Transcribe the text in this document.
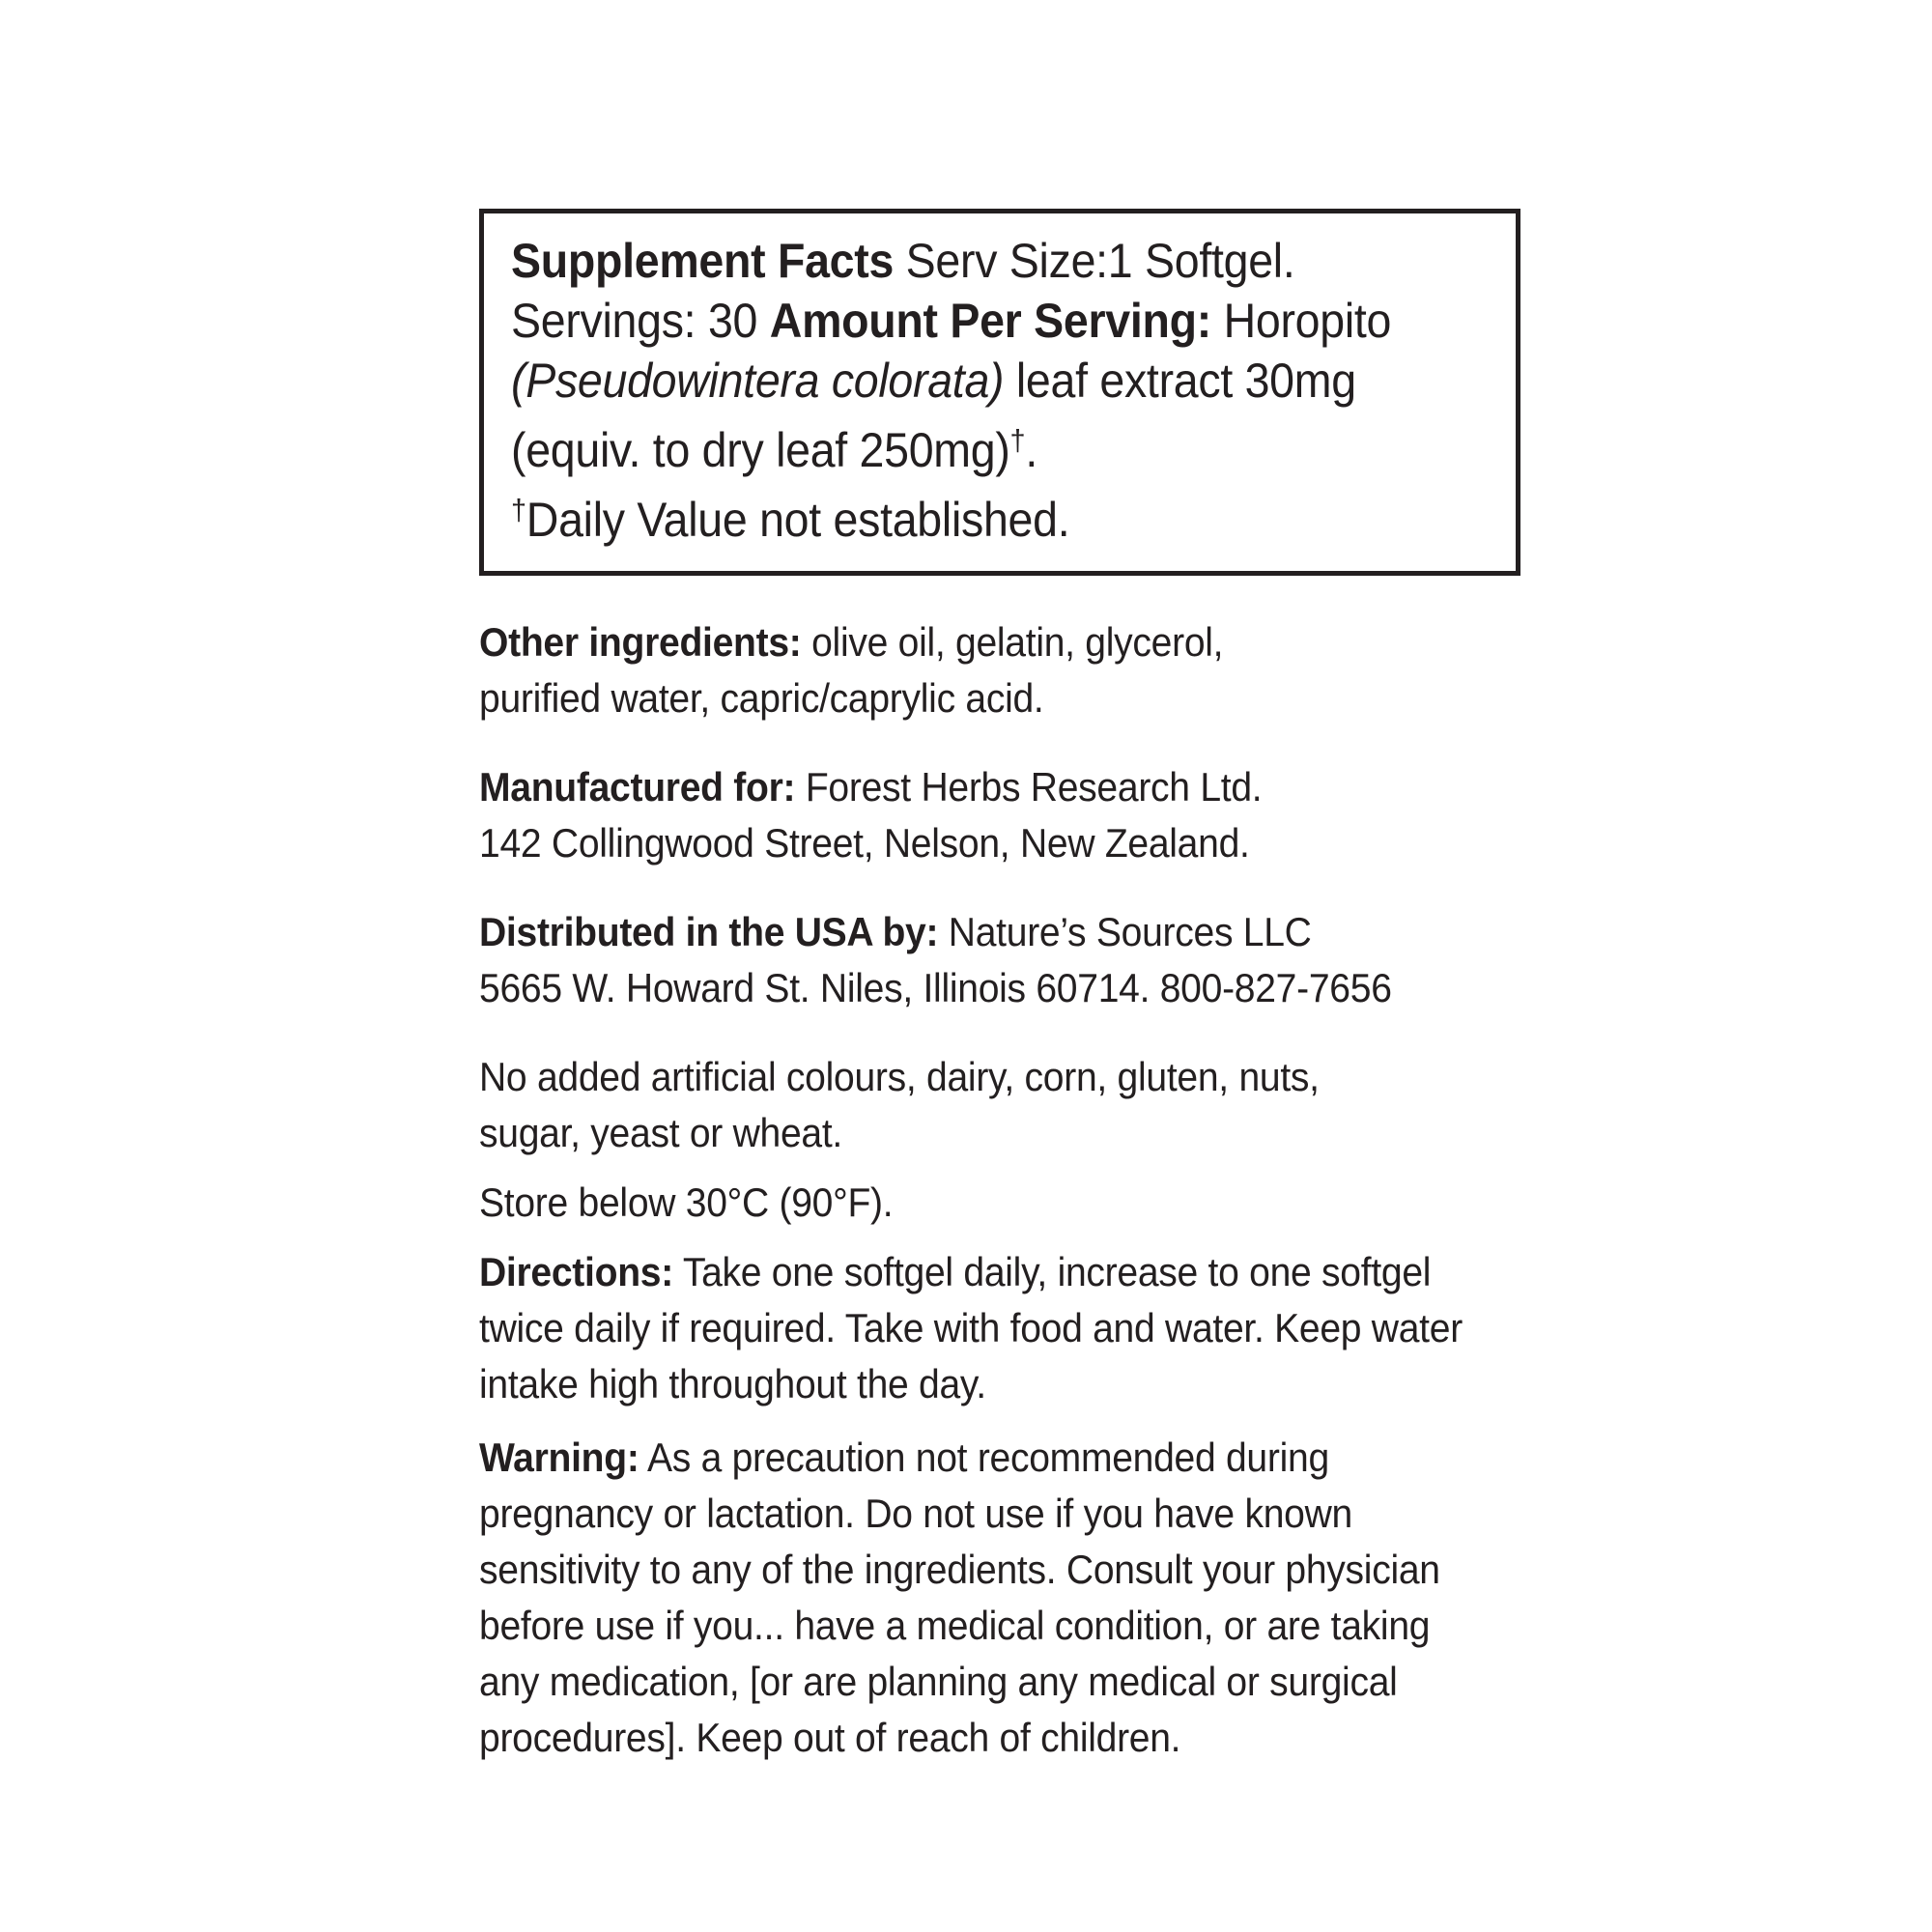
Supplement Facts Serv Size:1 Softgel.
Servings: 30 Amount Per Serving: Horopito
(Pseudowintera colorata) leaf extract 30mg
(equiv. to dry leaf 250mg)†.
†Daily Value not established.
Other ingredients: olive oil, gelatin, glycerol,
purified water, capric/caprylic acid.
Manufactured for: Forest Herbs Research Ltd.
142 Collingwood Street, Nelson, New Zealand.
Distributed in the USA by: Nature’s Sources LLC
5665 W. Howard St. Niles, Illinois 60714. 800-827-7656
No added artificial colours, dairy, corn, gluten, nuts,
sugar, yeast or wheat.
Store below 30°C (90°F).
Directions: Take one softgel daily, increase to one softgel
twice daily if required. Take with food and water. Keep water
intake high throughout the day.
Warning: As a precaution not recommended during
pregnancy or lactation. Do not use if you have known
sensitivity to any of the ingredients. Consult your physician
before use if you... have a medical condition, or are taking
any medication, [or are planning any medical or surgical
procedures]. Keep out of reach of children.
